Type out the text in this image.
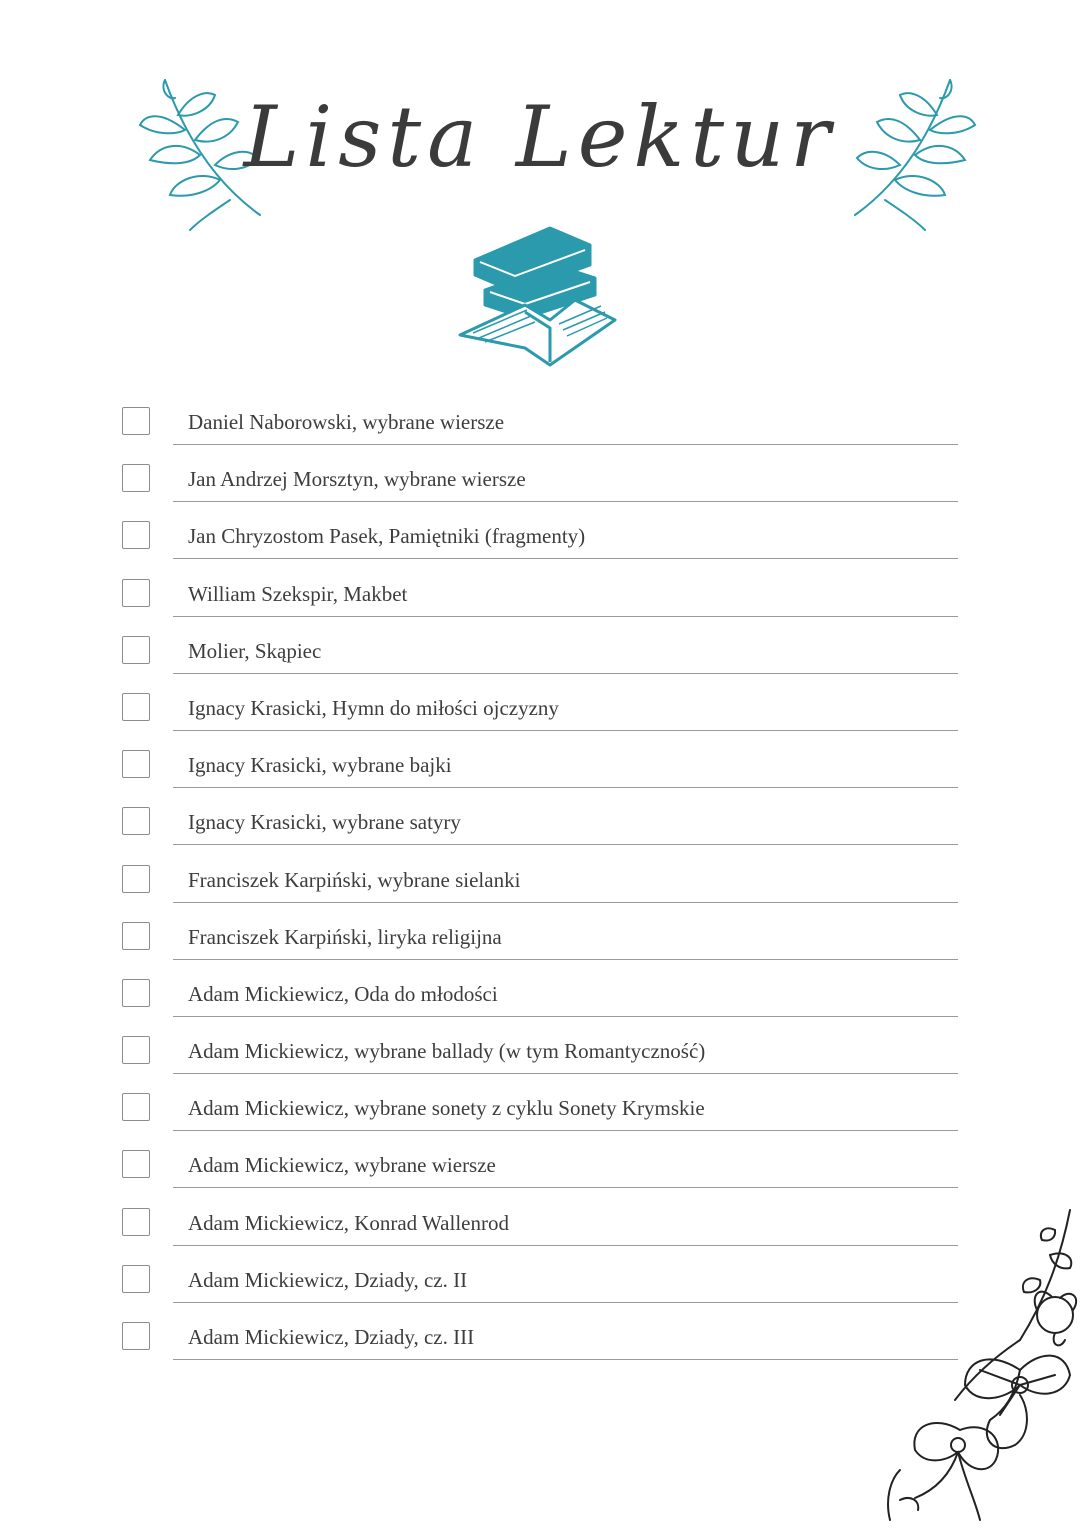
Lista Lektur
Daniel Naborowski, wybrane wiersze
Jan Andrzej Morsztyn, wybrane wiersze
Jan Chryzostom Pasek, Pamiętniki (fragmenty)
William Szekspir, Makbet
Molier, Skąpiec
Ignacy Krasicki, Hymn do miłości ojczyzny
Ignacy Krasicki, wybrane bajki
Ignacy Krasicki, wybrane satyry
Franciszek Karpiński, wybrane sielanki
Franciszek Karpiński, liryka religijna
Adam Mickiewicz, Oda do młodości
Adam Mickiewicz, wybrane ballady (w tym Romantyczność)
Adam Mickiewicz, wybrane sonety z cyklu Sonety Krymskie
Adam Mickiewicz, wybrane wiersze
Adam Mickiewicz, Konrad Wallenrod
Adam Mickiewicz, Dziady, cz. II
Adam Mickiewicz, Dziady, cz. III
